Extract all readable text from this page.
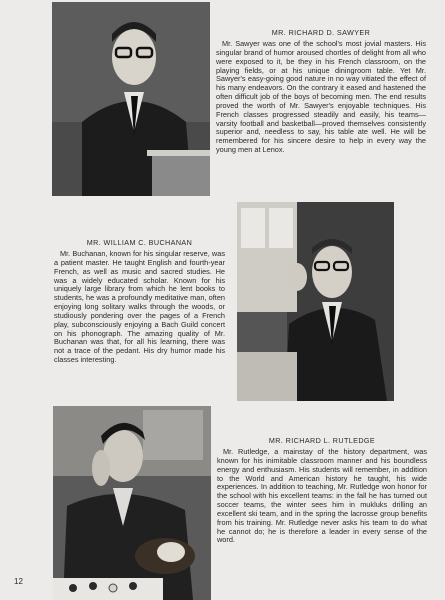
MR. RICHARD D. SAWYER

Mr. Sawyer was one of the school's most jovial masters. His singular brand of humor aroused chortles of delight from all who were exposed to it, be they in his French classroom, on the playing fields, or at his unique diningroom table. Yet Mr. Sawyer's easy-going good nature in no way vitiated the effect of his many endeavors. On the contrary it eased and hastened the often difficult job of the boys of becoming men. The end results proved the worth of Mr. Sawyer's enjoyable techniques. His French classes progressed steadily and easily, his teams—varsity football and basketball—proved themselves consistently superior and, needless to say, his table ate well. He will be remembered for his sincere desire to help in every way the young men at Lenox.

MR. WILLIAM C. BUCHANAN

Mr. Buchanan, known for his singular reserve, was a patient master. He taught English and fourth-year French, as well as music and sacred studies. He was a widely educated scholar. Known for his uniquely large library from which he lent books to students, he was a profoundly meditative man, often enjoying long solitary walks through the woods, or studiously pondering over the pages of a French play, subconsciously enjoying a Bach Guild concert on his phonograph. The amazing quality of Mr. Buchanan was that, for all his learning, there was not a trace of the pedant. His dry humor made his classes interesting.

MR. RICHARD L. RUTLEDGE

Mr. Rutledge, a mainstay of the history department, was known for his inimitable classroom manner and his boundless energy and enthusiasm. His students will remember, in addition to the World and American history he taught, his wide experiences. In addition to teaching, Mr. Rutledge won honor for the school with his excellent teams: in the fall he has turned out soccer teams, the winter sees him in mukluks drilling an excellent ski team, and in the spring the lacrosse group benefits from his training. Mr. Rutledge never asks his team to do what he cannot do; he is therefore a leader in every sense of the word.

12
